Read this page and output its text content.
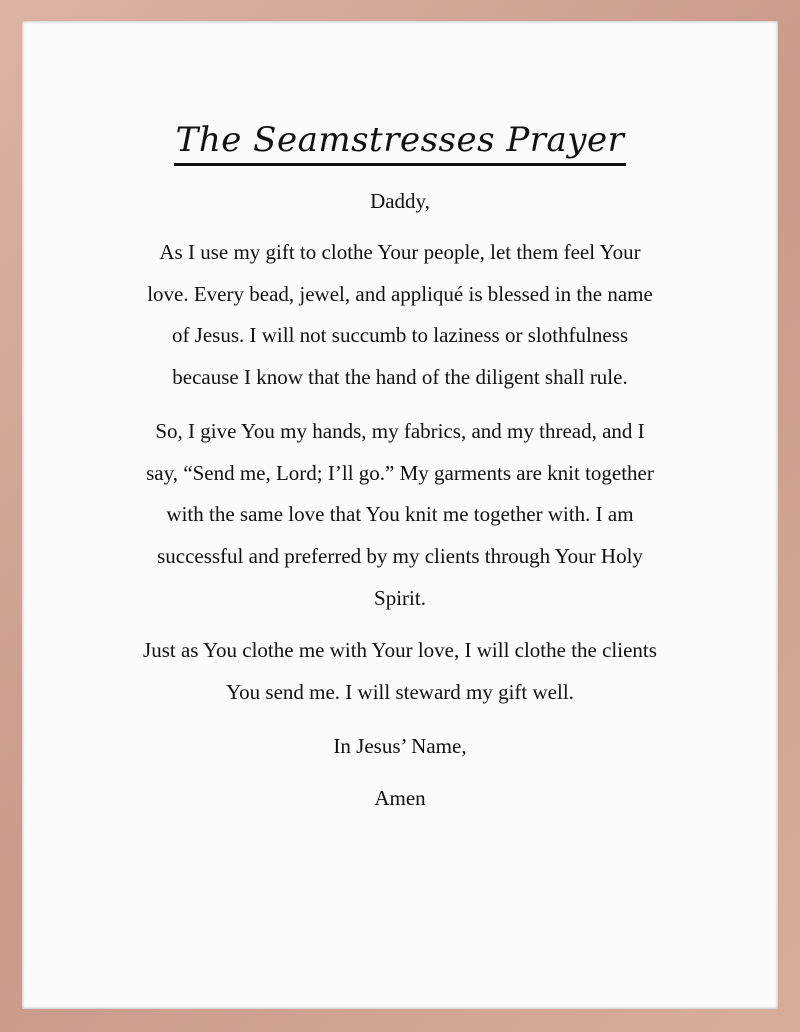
The Seamstresses Prayer
Daddy,
As I use my gift to clothe Your people, let them feel Your
love. Every bead, jewel, and appliqué is blessed in the name
of Jesus. I will not succumb to laziness or slothfulness
because I know that the hand of the diligent shall rule.
So, I give You my hands, my fabrics, and my thread, and I
say, “Send me, Lord; I’ll go.” My garments are knit together
with the same love that You knit me together with. I am
successful and preferred by my clients through Your Holy
Spirit.
Just as You clothe me with Your love, I will clothe the clients
You send me. I will steward my gift well.
In Jesus’ Name,
Amen
